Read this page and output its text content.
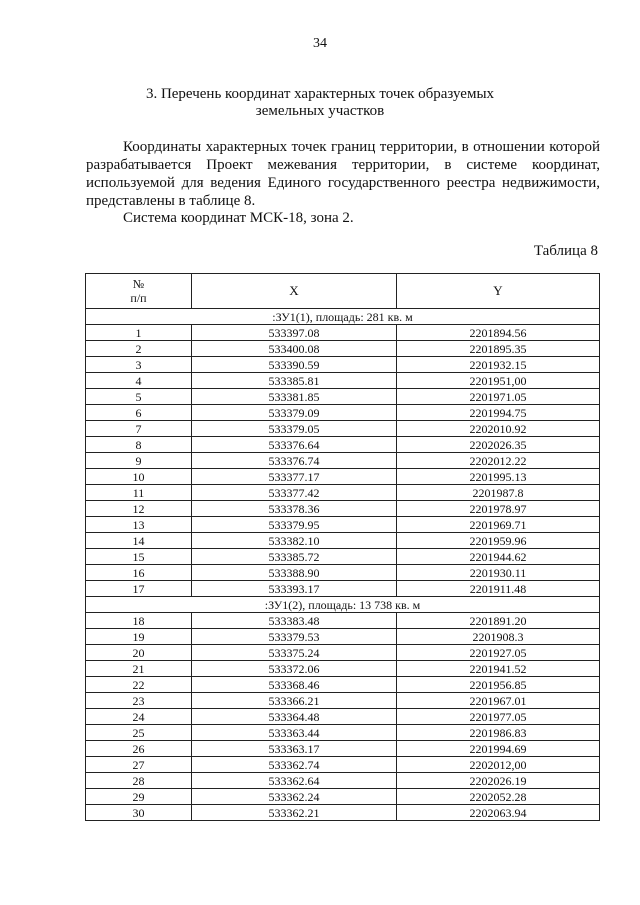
34
3. Перечень координат характерных точек образуемых
земельных участков

Координаты характерных точек границ территории, в отношении которой разрабатывается Проект межевания территории, в системе координат, используемой для ведения Единого государственного реестра недвижимости, представлены в таблице 8.

Система координат МСК-18, зона 2.
Таблица 8
№
п/п	X	Y
:ЗУ1(1), площадь: 281 кв. м		
1	533397.08	2201894.56
2	533400.08	2201895.35
3	533390.59	2201932.15
4	533385.81	2201951,00
5	533381.85	2201971.05
6	533379.09	2201994.75
7	533379.05	2202010.92
8	533376.64	2202026.35
9	533376.74	2202012.22
10	533377.17	2201995.13
11	533377.42	2201987.8
12	533378.36	2201978.97
13	533379.95	2201969.71
14	533382.10	2201959.96
15	533385.72	2201944.62
16	533388.90	2201930.11
17	533393.17	2201911.48
:ЗУ1(2), площадь: 13 738 кв. м		
18	533383.48	2201891.20
19	533379.53	2201908.3
20	533375.24	2201927.05
21	533372.06	2201941.52
22	533368.46	2201956.85
23	533366.21	2201967.01
24	533364.48	2201977.05
25	533363.44	2201986.83
26	533363.17	2201994.69
27	533362.74	2202012,00
28	533362.64	2202026.19
29	533362.24	2202052.28
30	533362.21	2202063.94
